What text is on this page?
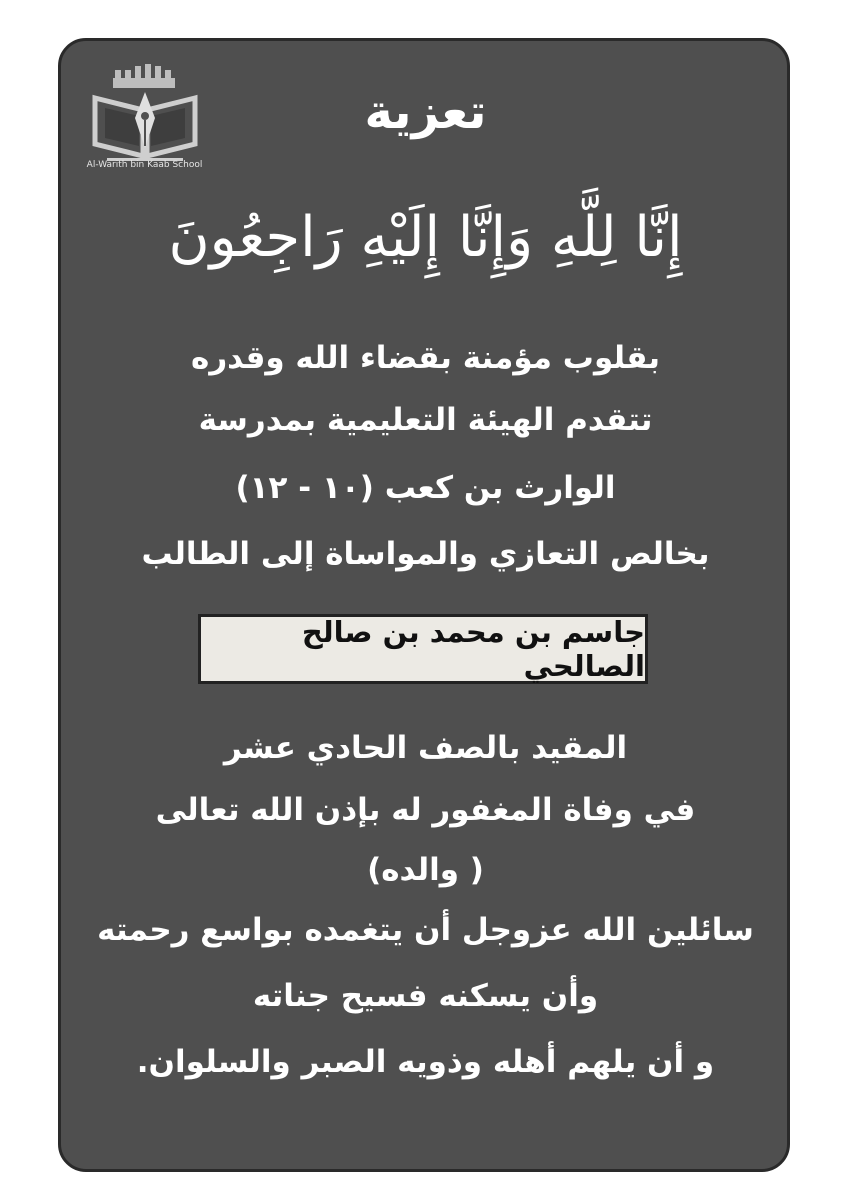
Al-Warith bin Kaab School
تعزية
إِنَّا لِلَّهِ وَإِنَّا إِلَيْهِ رَاجِعُونَ
بقلوب مؤمنة بقضاء الله وقدره
تتقدم الهيئة التعليمية بمدرسة
الوارث بن كعب (١٠ - ١٢)
بخالص التعازي والمواساة إلى الطالب
جاسم بن محمد بن صالح الصالحي
المقيد بالصف الحادي عشر
في وفاة المغفور له بإذن الله تعالى
( والده)
سائلين الله عزوجل أن يتغمده بواسع رحمته
وأن يسكنه فسيح جناته
و أن يلهم أهله وذويه الصبر والسلوان.
